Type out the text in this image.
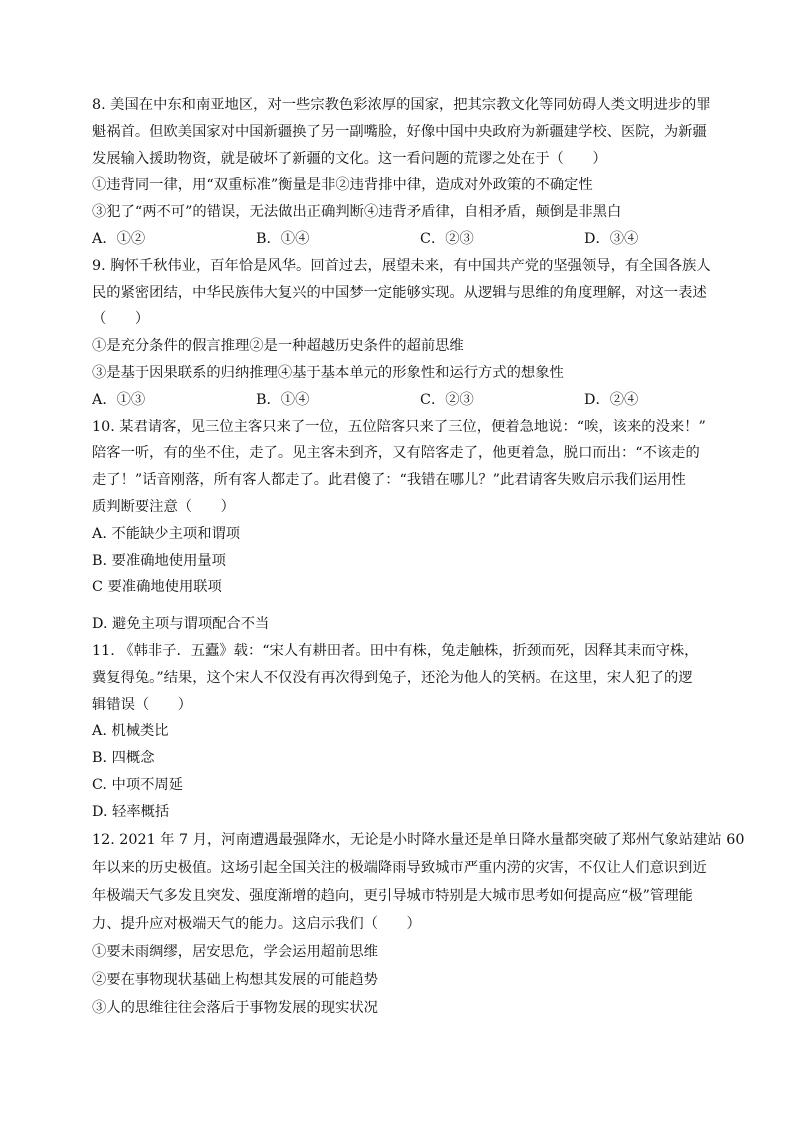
8. 美国在中东和南亚地区，对一些宗教色彩浓厚的国家，把其宗教文化等同妨碍人类文明进步的罪
魁祸首。但欧美国家对中国新疆换了另一副嘴脸，好像中国中央政府为新疆建学校、医院，为新疆
发展输入援助物资，就是破坏了新疆的文化。这一看问题的荒谬之处在于（　　）
①违背同一律，用“双重标准”衡量是非②违背排中律，造成对外政策的不确定性
③犯了“两不可”的错误，无法做出正确判断④违背矛盾律，自相矛盾，颠倒是非黑白
A．①②	B．①④	C．②③	D．③④
9. 胸怀千秋伟业，百年恰是风华。回首过去，展望未来，有中国共产党的坚强领导，有全国各族人
民的紧密团结，中华民族伟大复兴的中国梦一定能够实现。从逻辑与思维的角度理解，对这一表述
（　　）
①是充分条件的假言推理②是一种超越历史条件的超前思维
③是基于因果联系的归纳推理④基于基本单元的形象性和运行方式的想象性
A．①③	B．①④	C．②③	D．②④
10. 某君请客，见三位主客只来了一位，五位陪客只来了三位，便着急地说：“唉，该来的没来！”
陪客一听，有的坐不住，走了。见主客未到齐，又有陪客走了，他更着急，脱口而出：“不该走的
走了！”话音刚落，所有客人都走了。此君傻了：“我错在哪儿？”此君请客失败启示我们运用性
质判断要注意（　　）
A. 不能缺少主项和谓项
B. 要准确地使用量项
C 要准确地使用联项
D. 避免主项与谓项配合不当
11. 《韩非子．五蠹》载：“宋人有耕田者。田中有株，兔走触株，折颈而死，因释其耒而守株，
冀复得兔。”结果，这个宋人不仅没有再次得到兔子，还沦为他人的笑柄。在这里，宋人犯了的逻
辑错误（　　）
A. 机械类比
B. 四概念
C. 中项不周延
D. 轻率概括
12. 2021 年 7 月，河南遭遇最强降水，无论是小时降水量还是单日降水量都突破了郑州气象站建站 60
年以来的历史极值。这场引起全国关注的极端降雨导致城市严重内涝的灾害，不仅让人们意识到近
年极端天气多发且突发、强度渐增的趋向，更引导城市特别是大城市思考如何提高应“极”管理能
力、提升应对极端天气的能力。这启示我们（　　）
①要未雨绸缪，居安思危，学会运用超前思维
②要在事物现状基础上构想其发展的可能趋势
③人的思维往往会落后于事物发展的现实状况
